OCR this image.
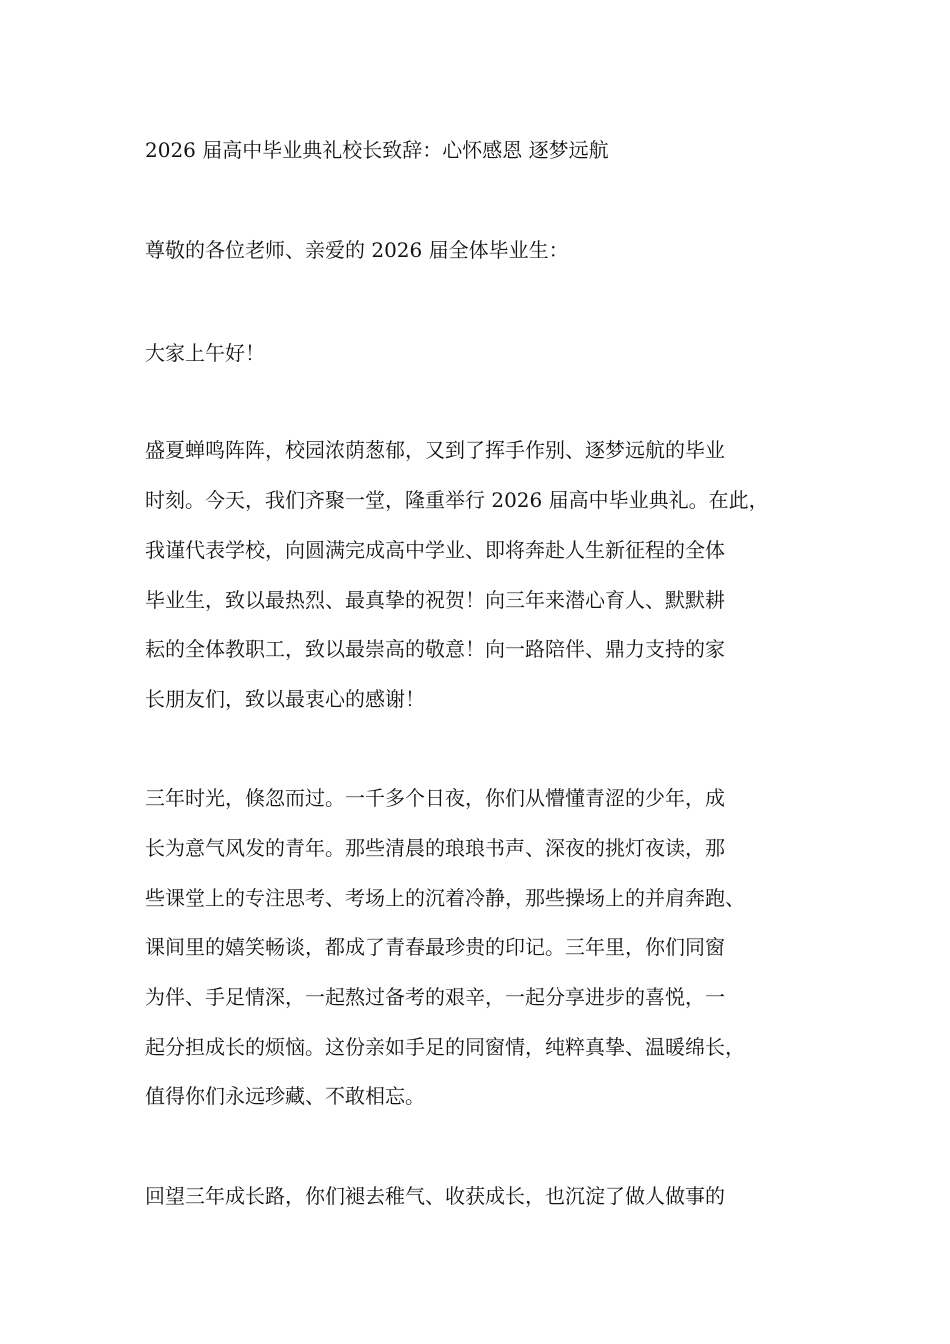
2026 届高中毕业典礼校长致辞：心怀感恩 逐梦远航
尊敬的各位老师、亲爱的 2026 届全体毕业生：
大家上午好！
盛夏蝉鸣阵阵，校园浓荫葱郁，又到了挥手作别、逐梦远航的毕业
时刻。今天，我们齐聚一堂，隆重举行 2026 届高中毕业典礼。在此，
我谨代表学校，向圆满完成高中学业、即将奔赴人生新征程的全体
毕业生，致以最热烈、最真挚的祝贺！向三年来潜心育人、默默耕
耘的全体教职工，致以最崇高的敬意！向一路陪伴、鼎力支持的家
长朋友们，致以最衷心的感谢！
三年时光，倏忽而过。一千多个日夜，你们从懵懂青涩的少年，成
长为意气风发的青年。那些清晨的琅琅书声、深夜的挑灯夜读，那
些课堂上的专注思考、考场上的沉着冷静，那些操场上的并肩奔跑、
课间里的嬉笑畅谈，都成了青春最珍贵的印记。三年里，你们同窗
为伴、手足情深，一起熬过备考的艰辛，一起分享进步的喜悦，一
起分担成长的烦恼。这份亲如手足的同窗情，纯粹真挚、温暖绵长，
值得你们永远珍藏、不敢相忘。
回望三年成长路，你们褪去稚气、收获成长，也沉淀了做人做事的
